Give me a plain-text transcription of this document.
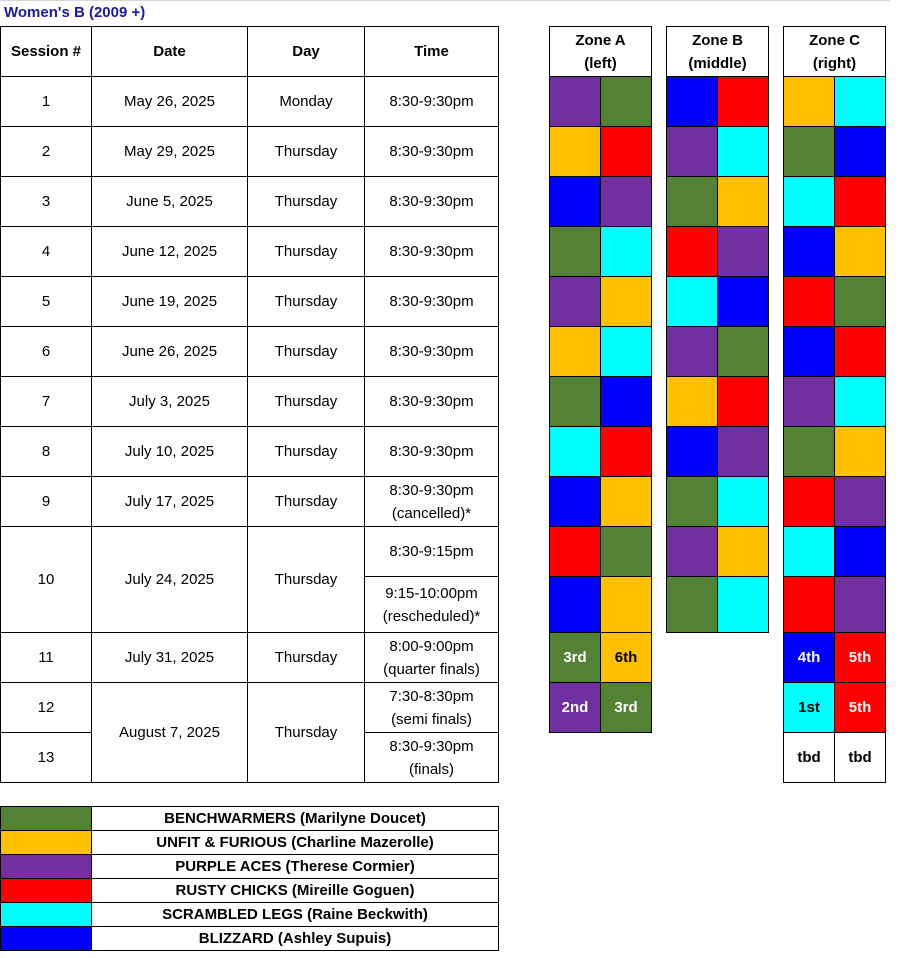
Women's B (2009 +)
Session #	Date	Day	Time
1	May 26, 2025	Monday	8:30-9:30pm
2	May 29, 2025	Thursday	8:30-9:30pm
3	June 5, 2025	Thursday	8:30-9:30pm
4	June 12, 2025	Thursday	8:30-9:30pm
5	June 19, 2025	Thursday	8:30-9:30pm
6	June 26, 2025	Thursday	8:30-9:30pm
7	July 3, 2025	Thursday	8:30-9:30pm
8	July 10, 2025	Thursday	8:30-9:30pm
9	July 17, 2025	Thursday	8:30-9:30pm
(cancelled)*
10	July 24, 2025	Thursday	8:30-9:15pm
			9:15-10:00pm
(rescheduled)*
11	July 31, 2025	Thursday	8:00-9:00pm
(quarter finals)
12	August 7, 2025	Thursday	7:30-8:30pm
(semi finals)
13			8:30-9:30pm
(finals)
Zone A
(left)	

3rd	6th
2nd	3rd
Zone B
(middle)	

Zone C
(right)	

4th	5th
1st	5th
tbd	tbd
	BENCHWARMERS (Marilyne Doucet)
	UNFIT & FURIOUS (Charline Mazerolle)
	PURPLE ACES (Therese Cormier)
	RUSTY CHICKS (Mireille Goguen)
	SCRAMBLED LEGS (Raine Beckwith)
	BLIZZARD (Ashley Supuis)
